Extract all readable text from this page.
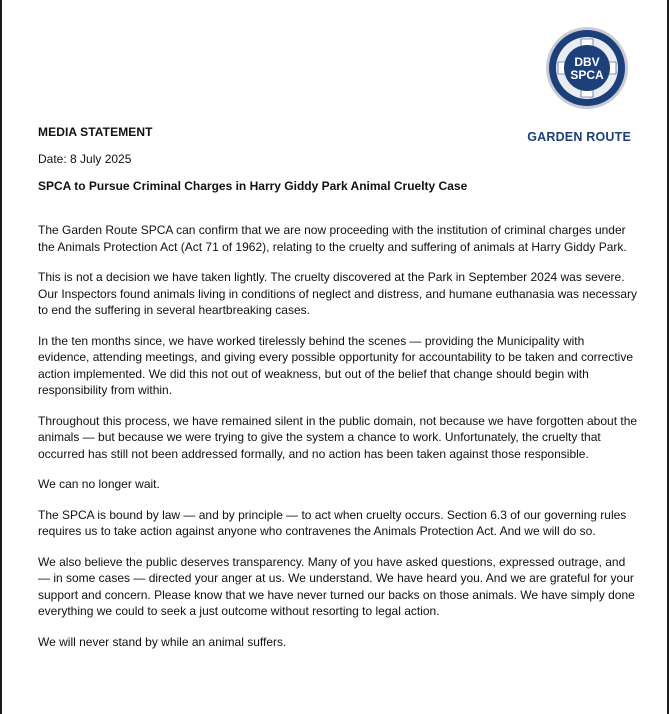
DBV
SPCA
MEDIA STATEMENT	GARDEN ROUTE
Date: 8 July 2025
SPCA to Pursue Criminal Charges in Harry Giddy Park Animal Cruelty Case

The Garden Route SPCA can confirm that we are now proceeding with the institution of criminal charges under the Animals Protection Act (Act 71 of 1962), relating to the cruelty and suffering of animals at Harry Giddy Park.

This is not a decision we have taken lightly. The cruelty discovered at the Park in September 2024 was severe. Our Inspectors found animals living in conditions of neglect and distress, and humane euthanasia was necessary to end the suffering in several heartbreaking cases.

In the ten months since, we have worked tirelessly behind the scenes — providing the Municipality with evidence, attending meetings, and giving every possible opportunity for accountability to be taken and corrective action implemented. We did this not out of weakness, but out of the belief that change should begin with responsibility from within.

Throughout this process, we have remained silent in the public domain, not because we have forgotten about the animals — but because we were trying to give the system a chance to work. Unfortunately, the cruelty that occurred has still not been addressed formally, and no action has been taken against those responsible.

We can no longer wait.

The SPCA is bound by law — and by principle — to act when cruelty occurs. Section 6.3 of our governing rules requires us to take action against anyone who contravenes the Animals Protection Act. And we will do so.

We also believe the public deserves transparency. Many of you have asked questions, expressed outrage, and — in some cases — directed your anger at us. We understand. We have heard you. And we are grateful for your support and concern. Please know that we have never turned our backs on those animals. We have simply done everything we could to seek a just outcome without resorting to legal action.

We will never stand by while an animal suffers.
